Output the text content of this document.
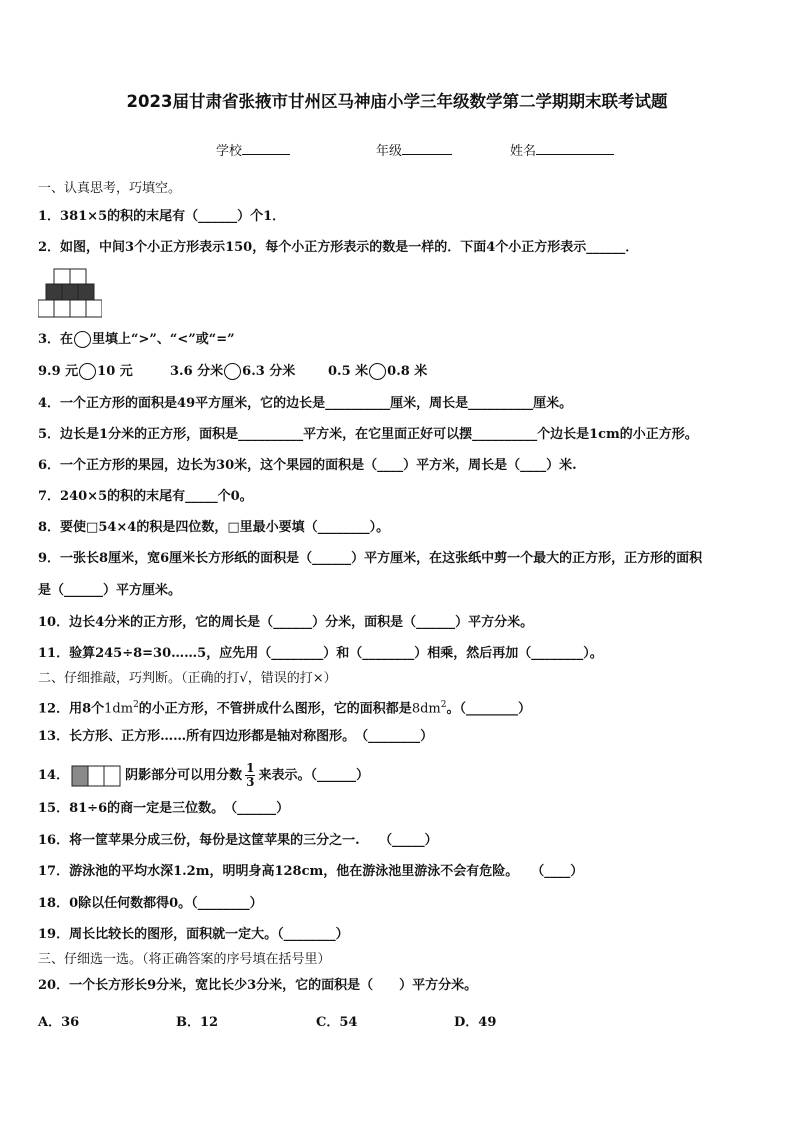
2023届甘肃省张掖市甘州区马神庙小学三年级数学第二学期期末联考试题
学校	年级	姓名
一、认真思考，巧填空。
1．381×5的积的末尾有（______）个1．
2．如图，中间3个小正方形表示150，每个小正方形表示的数是一样的．下面4个小正方形表示______．
3．在 里填上“>”、“<”或“=”
9.9 元 10 元	3.6 分米 6.3 分米	0.5 米 0.8 米
4．一个正方形的面积是49平方厘米，它的边长是__________厘米，周长是__________厘米。
5．边长是1分米的正方形，面积是__________平方米，在它里面正好可以摆__________个边长是1cm的小正方形。
6．一个正方形的果园，边长为30米，这个果园的面积是（____）平方米，周长是（____）米.
7．240×5的积的末尾有_____个0。
8．要使□54×4的积是四位数，□里最小要填（________）。
9．一张长8厘米，宽6厘米长方形纸的面积是（______）平方厘米，在这张纸中剪一个最大的正方形，正方形的面积
是（______）平方厘米。
10．边长4分米的正方形，它的周长是（______）分米，面积是（______）平方分米。
11．验算245÷8=30……5，应先用（________）和（________）相乘，然后再加（________）。
二、仔细推敲，巧判断。（正确的打√，错误的打×）
12．用8个$1dm^2$的小正方形，不管拼成什么图形，它的面积都是$8dm^2$。（________）
13．长方形、正方形……所有四边形都是轴对称图形。　（________）
14．	阴影部分可以用分数 $\frac{1}{3}$ 来表示。（______）
15．81÷6的商一定是三位数。　（______）
16．将一筐苹果分成三份，每份是这筐苹果的三分之一.　　（_____）
17．游泳池的平均水深1.2m，明明身高128cm，他在游泳池里游泳不会有危险。　　（____）
18．0除以任何数都得0。（________）
19．周长比较长的图形，面积就一定大。（________）
三、仔细选一选。（将正确答案的序号填在括号里）
20．一个长方形长9分米，宽比长少3分米，它的面积是（　　）平方分米。
A．36	B．12	C．54	D．49
